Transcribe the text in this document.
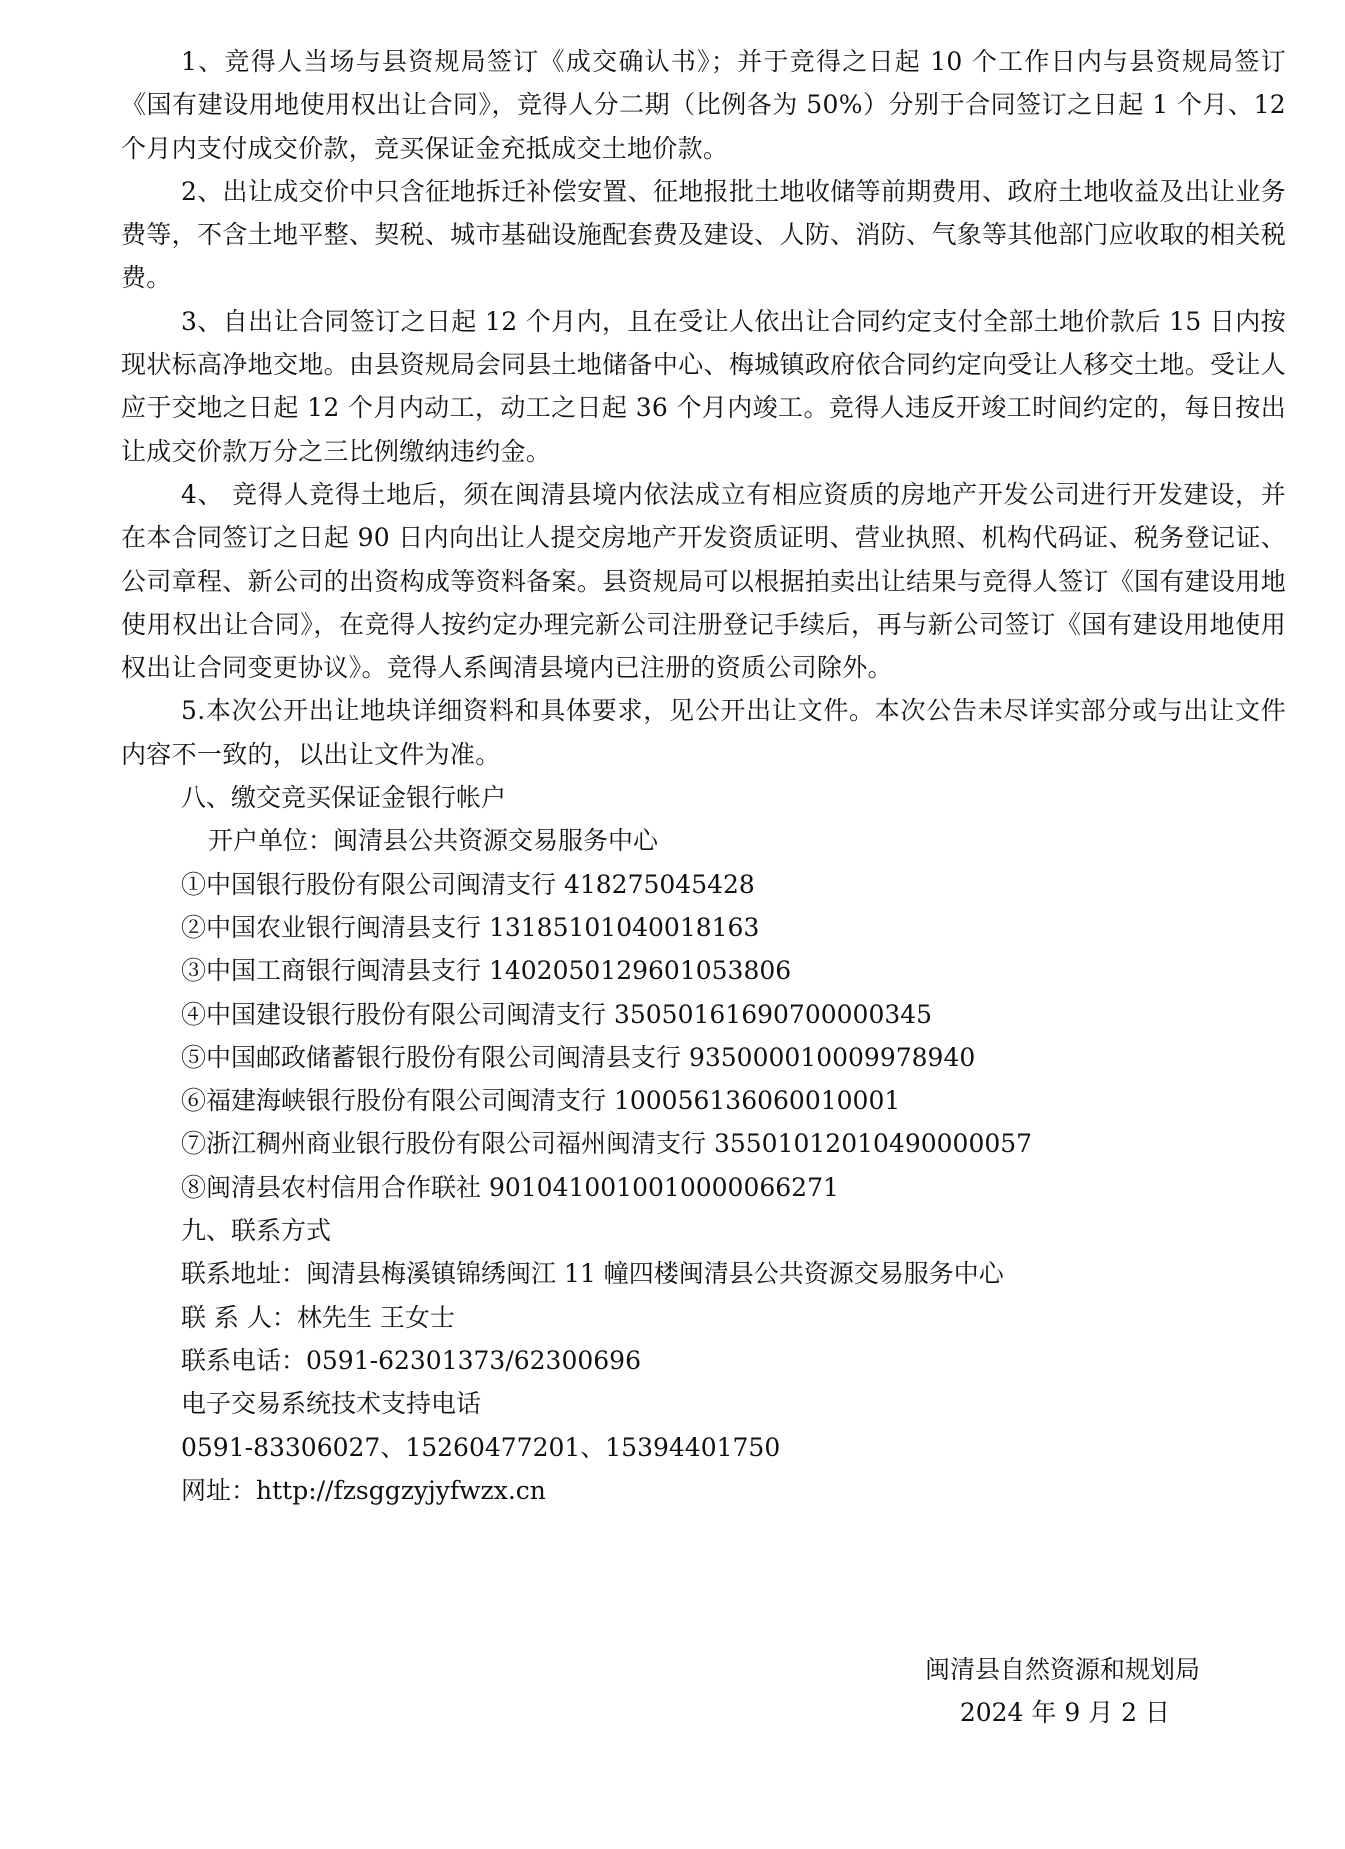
1、竞得人当场与县资规局签订《成交确认书》；并于竞得之日起 10 个工作日内与县资规局签订《国有建设用地使用权出让合同》，竞得人分二期（比例各为 50%）分别于合同签订之日起 1 个月、12 个月内支付成交价款，竞买保证金充抵成交土地价款。

2、出让成交价中只含征地拆迁补偿安置、征地报批土地收储等前期费用、政府土地收益及出让业务费等，不含土地平整、契税、城市基础设施配套费及建设、人防、消防、气象等其他部门应收取的相关税费。

3、自出让合同签订之日起 12 个月内，且在受让人依出让合同约定支付全部土地价款后 15 日内按现状标高净地交地。由县资规局会同县土地储备中心、梅城镇政府依合同约定向受让人移交土地。受让人应于交地之日起 12 个月内动工，动工之日起 36 个月内竣工。竞得人违反开竣工时间约定的，每日按出让成交价款万分之三比例缴纳违约金。

4、 竞得人竞得土地后，须在闽清县境内依法成立有相应资质的房地产开发公司进行开发建设，并在本合同签订之日起 90 日内向出让人提交房地产开发资质证明、营业执照、机构代码证、税务登记证、公司章程、新公司的出资构成等资料备案。县资规局可以根据拍卖出让结果与竞得人签订《国有建设用地使用权出让合同》，在竞得人按约定办理完新公司注册登记手续后，再与新公司签订《国有建设用地使用权出让合同变更协议》。竞得人系闽清县境内已注册的资质公司除外。

5.本次公开出让地块详细资料和具体要求，见公开出让文件。本次公告未尽详实部分或与出让文件内容不一致的，以出让文件为准。

八、缴交竞买保证金银行帐户

开户单位：闽清县公共资源交易服务中心

①中国银行股份有限公司闽清支行 418275045428

②中国农业银行闽清县支行 13185101040018163

③中国工商银行闽清县支行 1402050129601053806

④中国建设银行股份有限公司闽清支行 35050161690700000345

⑤中国邮政储蓄银行股份有限公司闽清县支行 935000010009978940

⑥福建海峡银行股份有限公司闽清支行 100056136060010001

⑦浙江稠州商业银行股份有限公司福州闽清支行 35501012010490000057

⑧闽清县农村信用合作联社 9010410010010000066271

九、联系方式

联系地址：闽清县梅溪镇锦绣闽江 11 幢四楼闽清县公共资源交易服务中心

联 系 人：林先生 王女士

联系电话：0591-62301373/62300696

电子交易系统技术支持电话

0591-83306027、15260477201、15394401750

网址：http://fzsggzyjyfwzx.cn

闽清县自然资源和规划局
2024 年 9 月 2 日
